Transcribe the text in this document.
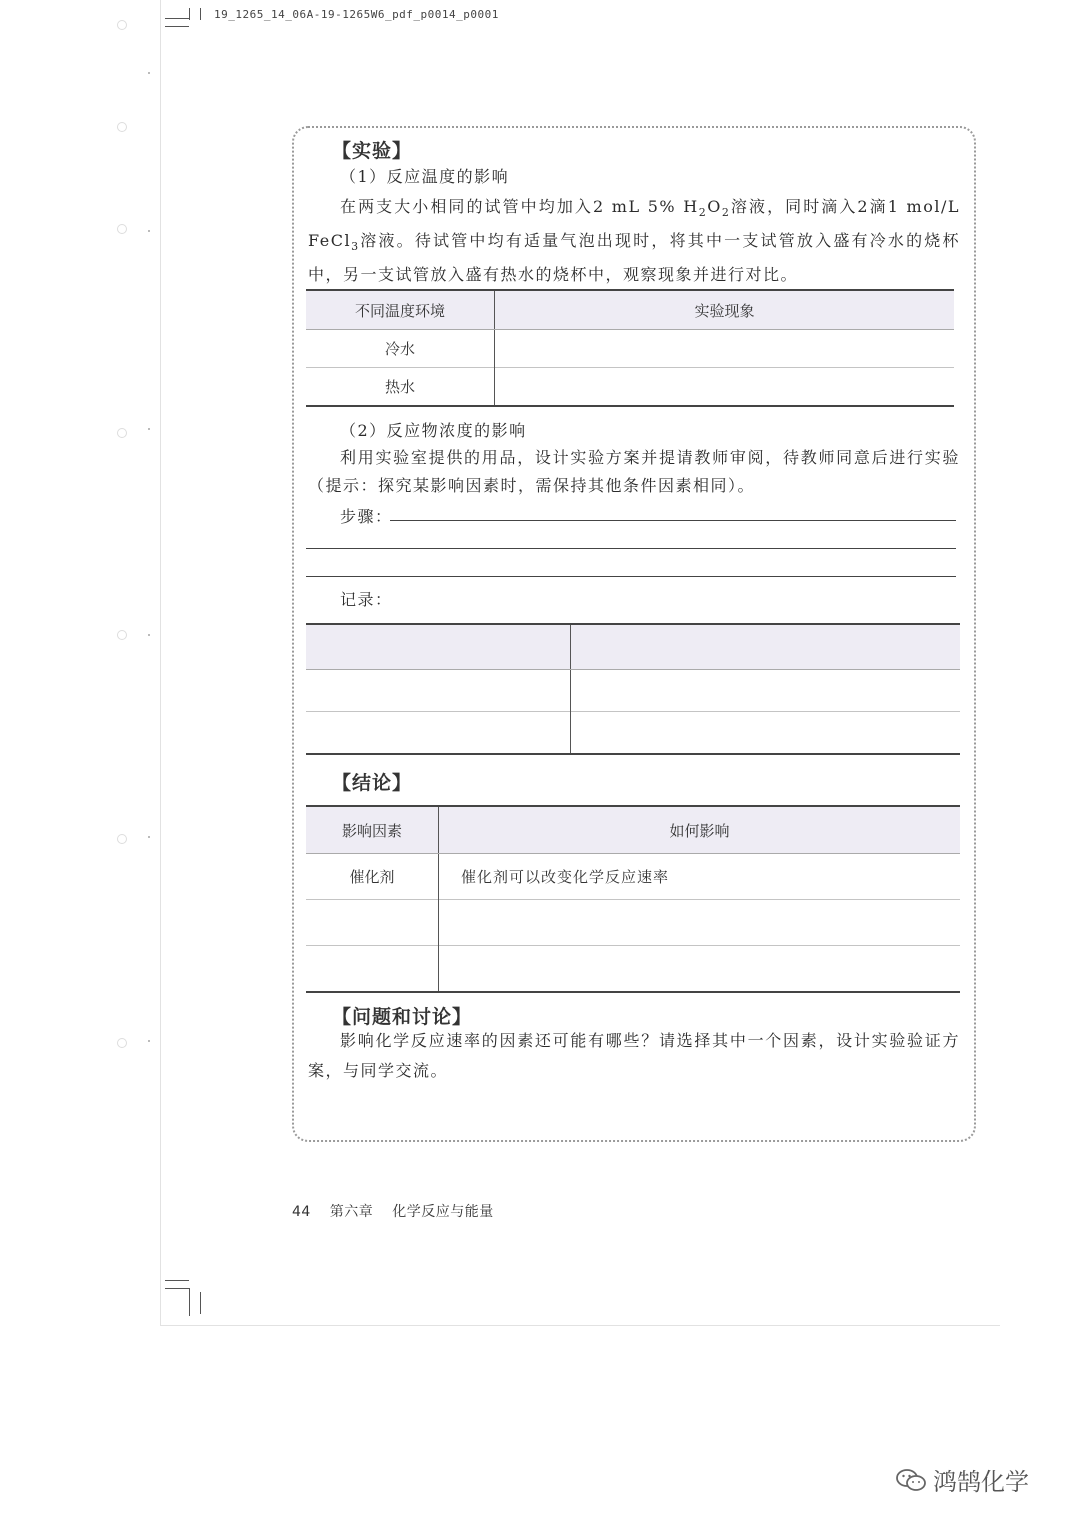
19_1265_14_06A-19-1265W6_pdf_p0014_p0001
【实验】
（1）反应温度的影响

在两支大小相同的试管中均加入2 mL 5% $H_2O_2$溶液，同时滴入2滴1 mol/L FeCl$_3$溶液。待试管中均有适量气泡出现时，将其中一支试管放入盛有冷水的烧杯中，另一支试管放入盛有热水的烧杯中，观察现象并进行对比。

不同温度环境	实验现象
冷水	
热水	
（2）反应物浓度的影响

利用实验室提供的用品，设计实验方案并提请教师审阅，待教师同意后进行实验（提示：探究某影响因素时，需保持其他条件因素相同）。

步骤：
记录：

【结论】
影响因素	如何影响
催化剂	催化剂可以改变化学反应速率

【问题和讨论】

影响化学反应速率的因素还可能有哪些？请选择其中一个因素，设计实验验证方案，与同学交流。

44 第六章 化学反应与能量
鸿鹄化学
